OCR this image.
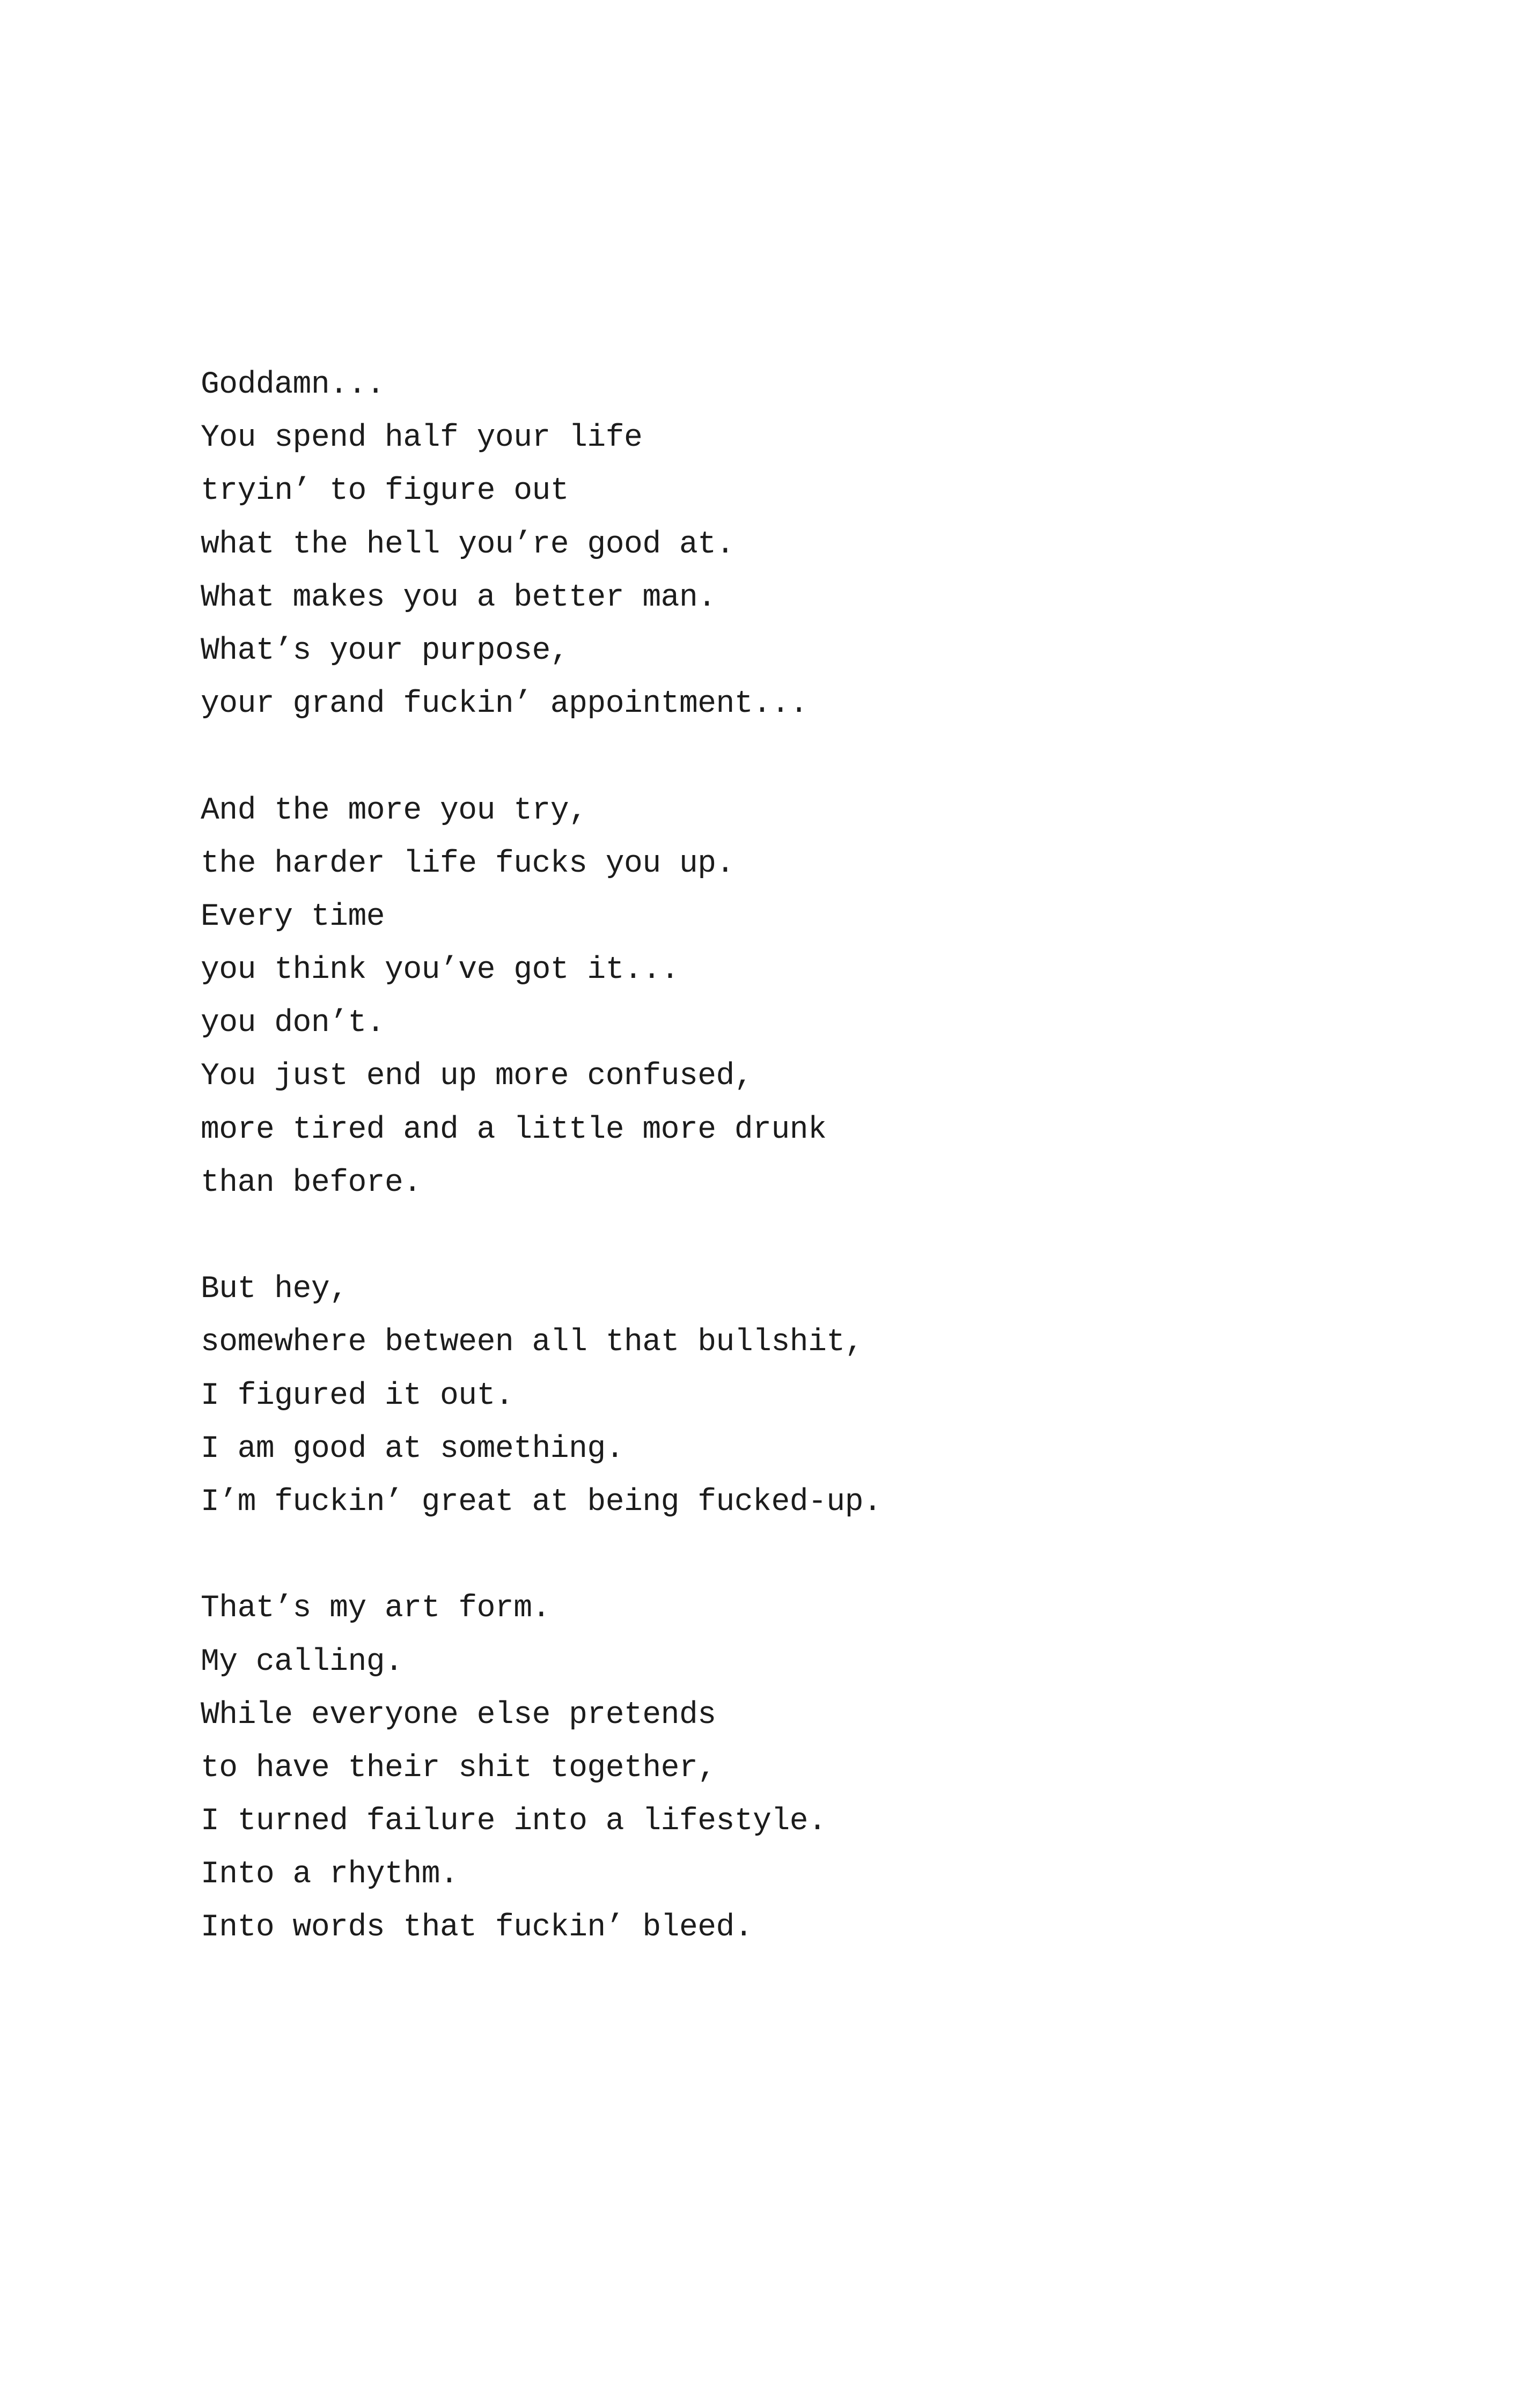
Goddamn...
You spend half your life
tryin’ to figure out
what the hell you’re good at.
What makes you a better man.
What’s your purpose,
your grand fuckin’ appointment...
And the more you try,
the harder life fucks you up.
Every time
you think you’ve got it...
you don’t.
You just end up more confused,
more tired and a little more drunk
than before.
But hey,
somewhere between all that bullshit,
I figured it out.
I am good at something.
I’m fuckin’ great at being fucked-up.
That’s my art form.
My calling.
While everyone else pretends
to have their shit together,
I turned failure into a lifestyle.
Into a rhythm.
Into words that fuckin’ bleed.
